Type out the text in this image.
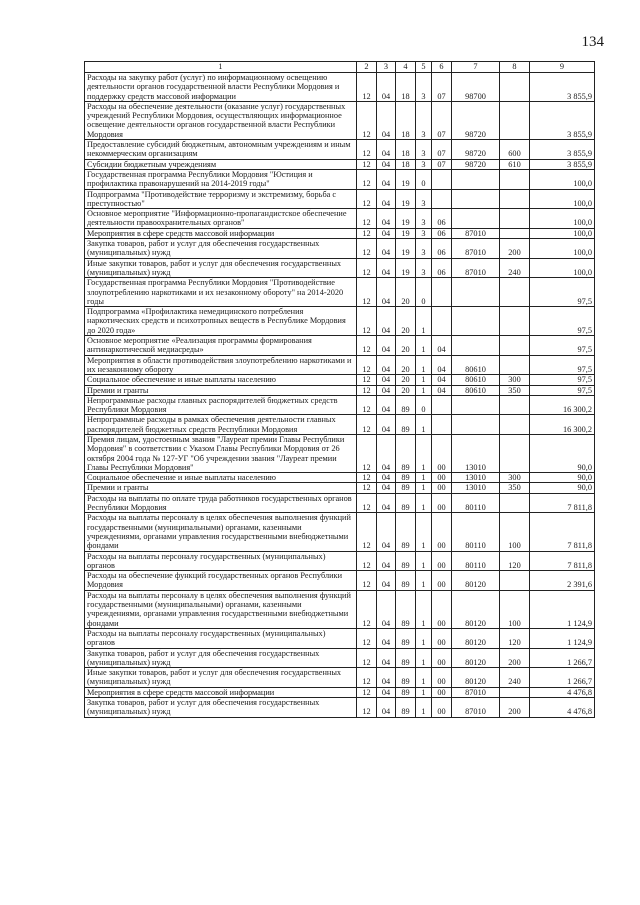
134
1	2	3	4	5	6	7	8	9
Расходы на закупку работ (услуг) по информационному освещению деятельности органов государственной власти Республики Мордовия и поддержку средств массовой информации	12	04	18	3	07	98700		3 855,9
Расходы на обеспечение деятельности (оказание услуг) государственных учреждений Республики Мордовия, осуществляющих информационное освещение деятельности органов государственной власти Республики Мордовия	12	04	18	3	07	98720		3 855,9
Предоставление субсидий бюджетным, автономным учреждениям и иным некоммерческим организациям	12	04	18	3	07	98720	600	3 855,9
Субсидии бюджетным учреждениям	12	04	18	3	07	98720	610	3 855,9
Государственная программа Республики Мордовия "Юстиция и профилактика правонарушений на 2014-2019 годы"	12	04	19	0				100,0
Подпрограмма "Противодействие терроризму и экстремизму, борьба с преступностью"	12	04	19	3				100,0
Основное мероприятие "Информационно-пропагандистское обеспечение деятельности правоохранительных органов"	12	04	19	3	06			100,0
Мероприятия в сфере средств массовой информации	12	04	19	3	06	87010		100,0
Закупка товаров, работ и услуг для обеспечения государственных (муниципальных) нужд	12	04	19	3	06	87010	200	100,0
Иные закупки товаров, работ и услуг для обеспечения государственных (муниципальных) нужд	12	04	19	3	06	87010	240	100,0
Государственная программа Республики Мордовия "Противодействие злоупотреблению наркотиками и их незаконному обороту" на 2014-2020 годы	12	04	20	0				97,5
Подпрограмма «Профилактика немедицинского потребления наркотических средств и психотропных веществ в Республике Мордовия до 2020 года»	12	04	20	1				97,5
Основное мероприятие «Реализация программы формирования антинаркотической медиасреды»	12	04	20	1	04			97,5
Мероприятия в области противодействия злоупотреблению наркотиками и их незаконному обороту	12	04	20	1	04	80610		97,5
Социальное обеспечение и иные выплаты населению	12	04	20	1	04	80610	300	97,5
Премии и гранты	12	04	20	1	04	80610	350	97,5
Непрограммные расходы главных распорядителей бюджетных средств Республики Мордовия	12	04	89	0				16 300,2
Непрограммные расходы в рамках обеспечения деятельности главных распорядителей бюджетных средств Республики Мордовия	12	04	89	1				16 300,2
Премия лицам, удостоенным звания "Лауреат премии Главы Республики Мордовия" в соответствии с Указом Главы Республики Мордовия от 26 октября 2004 года № 127-УГ "Об учреждении звания "Лауреат премии Главы Республики Мордовия"	12	04	89	1	00	13010		90,0
Социальное обеспечение и иные выплаты населению	12	04	89	1	00	13010	300	90,0
Премии и гранты	12	04	89	1	00	13010	350	90,0
Расходы на выплаты по оплате труда работников государственных органов Республики Мордовия	12	04	89	1	00	80110		7 811,8
Расходы на выплаты персоналу в целях обеспечения выполнения функций государственными (муниципальными) органами, казенными учреждениями, органами управления государственными внебюджетными фондами	12	04	89	1	00	80110	100	7 811,8
Расходы на выплаты персоналу государственных (муниципальных) органов	12	04	89	1	00	80110	120	7 811,8
Расходы на обеспечение функций государственных органов Республики Мордовия	12	04	89	1	00	80120		2 391,6
Расходы на выплаты персоналу в целях обеспечения выполнения функций государственными (муниципальными) органами, казенными учреждениями, органами управления государственными внебюджетными фондами	12	04	89	1	00	80120	100	1 124,9
Расходы на выплаты персоналу государственных (муниципальных) органов	12	04	89	1	00	80120	120	1 124,9
Закупка товаров, работ и услуг для обеспечения государственных (муниципальных) нужд	12	04	89	1	00	80120	200	1 266,7
Иные закупки товаров, работ и услуг для обеспечения государственных (муниципальных) нужд	12	04	89	1	00	80120	240	1 266,7
Мероприятия в сфере средств массовой информации	12	04	89	1	00	87010		4 476,8
Закупка товаров, работ и услуг для обеспечения государственных (муниципальных) нужд	12	04	89	1	00	87010	200	4 476,8
